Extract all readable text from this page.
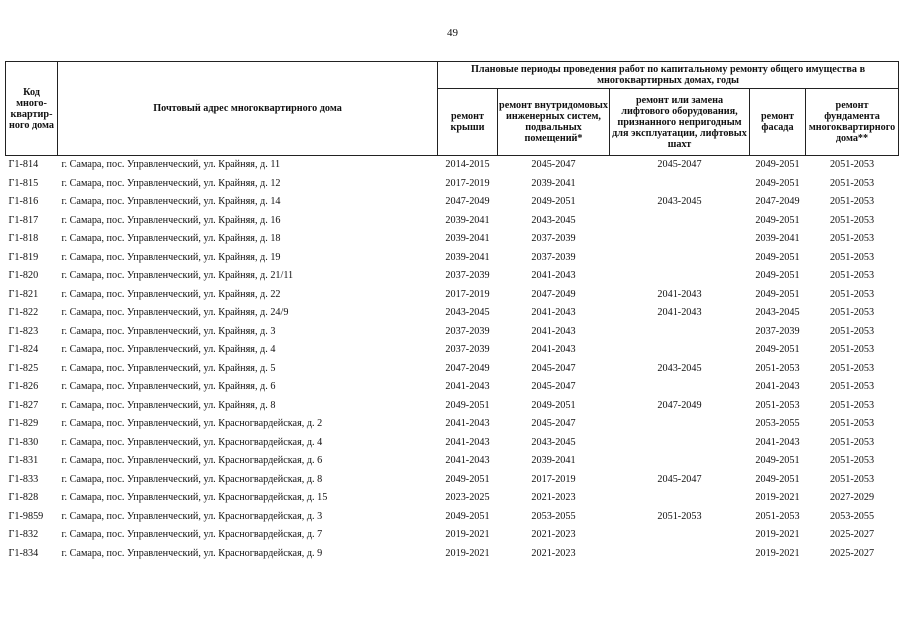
49
Код много-квартир-ного дома	Почтовый адрес многоквартирного дома	Плановые периоды проведения работ по капитальному ремонту общего имущества в многоквартирных домах, годы				
		ремонт крыши	ремонт внутридомовых инженерных систем, подвальных помещений*	ремонт или замена лифтового оборудования, признанного непригодным для эксплуатации, лифтовых шахт	ремонт фасада	ремонт фундамента многоквартирного дома**
Г1-814	г. Самара, пос. Управленческий, ул. Крайняя, д. 11	2014-2015	2045-2047	2045-2047	2049-2051	2051-2053
Г1-815	г. Самара, пос. Управленческий, ул. Крайняя, д. 12	2017-2019	2039-2041		2049-2051	2051-2053
Г1-816	г. Самара, пос. Управленческий, ул. Крайняя, д. 14	2047-2049	2049-2051	2043-2045	2047-2049	2051-2053
Г1-817	г. Самара, пос. Управленческий, ул. Крайняя, д. 16	2039-2041	2043-2045		2049-2051	2051-2053
Г1-818	г. Самара, пос. Управленческий, ул. Крайняя, д. 18	2039-2041	2037-2039		2039-2041	2051-2053
Г1-819	г. Самара, пос. Управленческий, ул. Крайняя, д. 19	2039-2041	2037-2039		2049-2051	2051-2053
Г1-820	г. Самара, пос. Управленческий, ул. Крайняя, д. 21/11	2037-2039	2041-2043		2049-2051	2051-2053
Г1-821	г. Самара, пос. Управленческий, ул. Крайняя, д. 22	2017-2019	2047-2049	2041-2043	2049-2051	2051-2053
Г1-822	г. Самара, пос. Управленческий, ул. Крайняя, д. 24/9	2043-2045	2041-2043	2041-2043	2043-2045	2051-2053
Г1-823	г. Самара, пос. Управленческий, ул. Крайняя, д. 3	2037-2039	2041-2043		2037-2039	2051-2053
Г1-824	г. Самара, пос. Управленческий, ул. Крайняя, д. 4	2037-2039	2041-2043		2049-2051	2051-2053
Г1-825	г. Самара, пос. Управленческий, ул. Крайняя, д. 5	2047-2049	2045-2047	2043-2045	2051-2053	2051-2053
Г1-826	г. Самара, пос. Управленческий, ул. Крайняя, д. 6	2041-2043	2045-2047		2041-2043	2051-2053
Г1-827	г. Самара, пос. Управленческий, ул. Крайняя, д. 8	2049-2051	2049-2051	2047-2049	2051-2053	2051-2053
Г1-829	г. Самара, пос. Управленческий, ул. Красногвардейская, д. 2	2041-2043	2045-2047		2053-2055	2051-2053
Г1-830	г. Самара, пос. Управленческий, ул. Красногвардейская, д. 4	2041-2043	2043-2045		2041-2043	2051-2053
Г1-831	г. Самара, пос. Управленческий, ул. Красногвардейская, д. 6	2041-2043	2039-2041		2049-2051	2051-2053
Г1-833	г. Самара, пос. Управленческий, ул. Красногвардейская, д. 8	2049-2051	2017-2019	2045-2047	2049-2051	2051-2053
Г1-828	г. Самара, пос. Управленческий, ул. Красногвардейская, д. 15	2023-2025	2021-2023		2019-2021	2027-2029
Г1-9859	г. Самара, пос. Управленческий, ул. Красногвардейская, д. 3	2049-2051	2053-2055	2051-2053	2051-2053	2053-2055
Г1-832	г. Самара, пос. Управленческий, ул. Красногвардейская, д. 7	2019-2021	2021-2023		2019-2021	2025-2027
Г1-834	г. Самара, пос. Управленческий, ул. Красногвардейская, д. 9	2019-2021	2021-2023		2019-2021	2025-2027
